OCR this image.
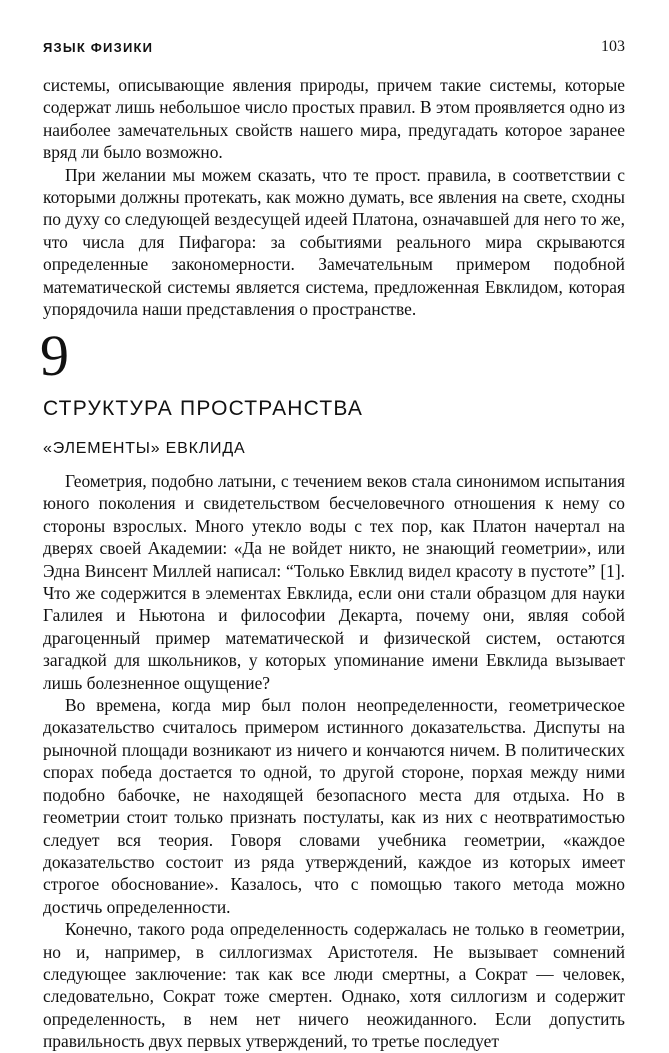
ЯЗЫК ФИЗИКИ	103

системы, описывающие явления природы, причем такие системы, которые содержат лишь небольшое число простых правил. В этом проявляется одно из наиболее замечательных свойств нашего мира, предугадать которое заранее вряд ли было возможно.

При желании мы можем сказать, что те прост. правила, в соответствии с которыми должны протекать, как можно думать, все явления на свете, сходны по духу со следующей вездесущей идеей Платона, означавшей для него то же, что числа для Пифагора: за событиями реального мира скрываются определенные закономерности. Замечательным примером подобной математической системы является система, предложенная Евклидом, которая упорядочила наши представления о пространстве.

9
СТРУКТУРА ПРОСТРАНСТВА
«ЭЛЕМЕНТЫ» ЕВКЛИДА

Геометрия, подобно латыни, с течением веков стала синонимом испытания юного поколения и свидетельством бесчеловечного отношения к нему со стороны взрослых. Много утекло воды с тех пор, как Платон начертал на дверях своей Академии: «Да не войдет никто, не знающий геометрии», или Эдна Винсент Миллей написал: “Только Евклид видел красоту в пустоте” [1]. Что же содержится в элементах Евклида, если они стали образцом для науки Галилея и Ньютона и философии Декарта, почему они, являя собой драгоценный пример математической и физической систем, остаются загадкой для школьников, у которых упоминание имени Евклида вызывает лишь болезненное ощущение?

Во времена, когда мир был полон неопределенности, геометрическое доказательство считалось примером истинного доказательства. Диспуты на рыночной площади возникают из ничего и кончаются ничем. В политических спорах победа достается то одной, то другой стороне, порхая между ними подобно бабочке, не находящей безопасного места для отдыха. Но в геометрии стоит только признать постулаты, как из них с неотвратимостью следует вся теория. Говоря словами учебника геометрии, «каждое доказательство состоит из ряда утверждений, каждое из которых имеет строгое обоснование». Казалось, что с помощью такого метода можно достичь определенности.

Конечно, такого рода определенность содержалась не только в геометрии, но и, например, в силлогизмах Аристотеля. Не вызывает сомнений следующее заключение: так как все люди смертны, а Сократ — человек, следовательно, Сократ тоже смертен. Однако, хотя силлогизм и содержит определенность, в нем нет ничего неожиданного. Если допустить правильность двух первых утверждений, то третье последует
